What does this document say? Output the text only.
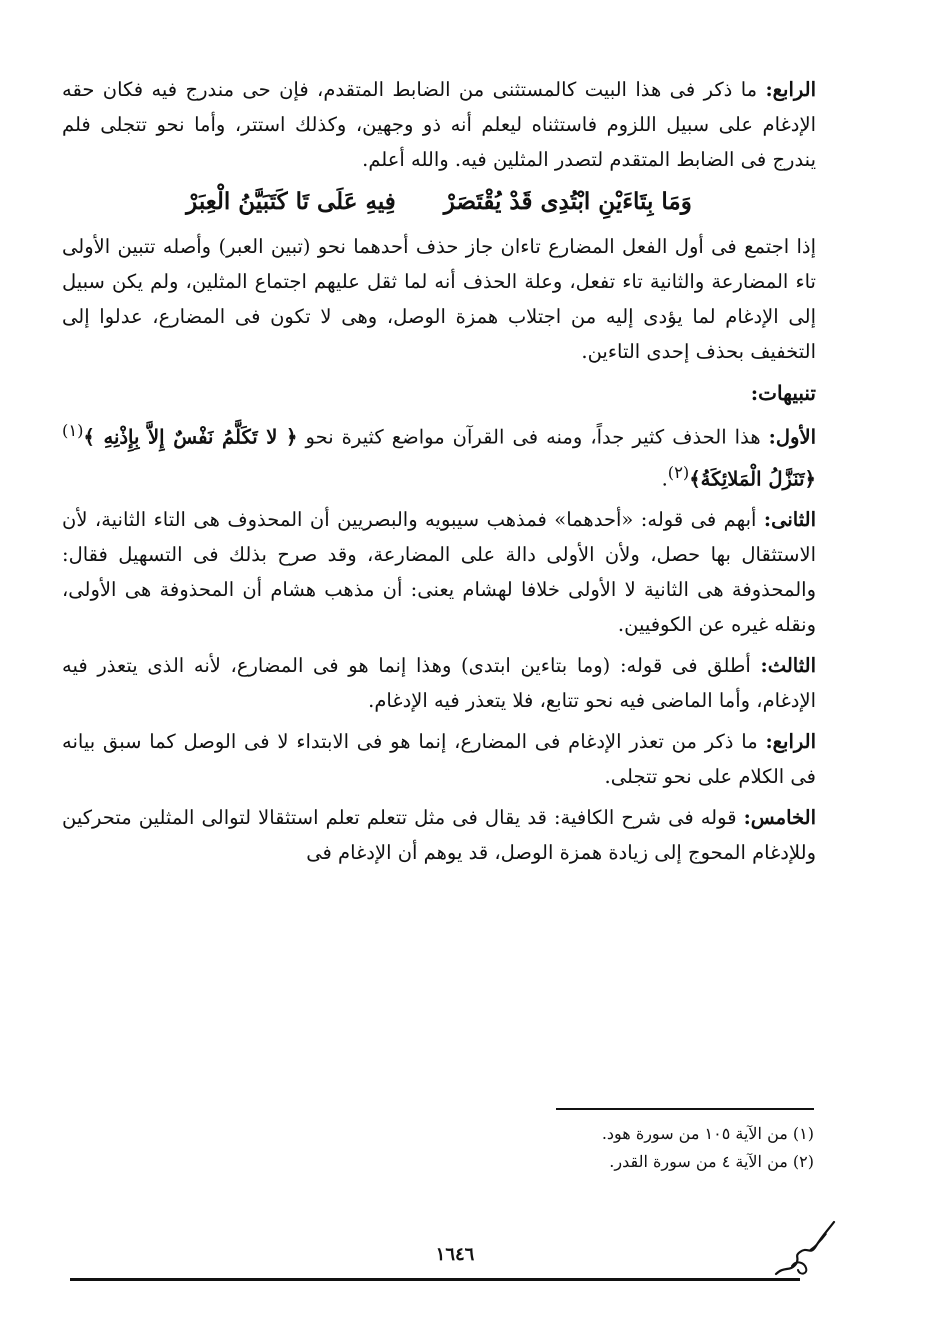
الرابع: ما ذكر فى هذا البيت كالمستثنى من الضابط المتقدم، فإن حى مندرج فيه فكان حقه الإدغام على سبيل اللزوم فاستثناه ليعلم أنه ذو وجهين، وكذلك استتر، وأما نحو تتجلى فلم يندرج فى الضابط المتقدم لتصدر المثلين فيه. والله أعلم.

وَمَا بِتَاءَيْنِ ابْتُدِى قَدْ يُقْتَصَرْ
فِيهِ عَلَى تَا كَتَبَيَّنُ الْعِبَرْ

إذا اجتمع فى أول الفعل المضارع تاءان جاز حذف أحدهما نحو (تبين العبر) وأصله تتبين الأولى تاء المضارعة والثانية تاء تفعل، وعلة الحذف أنه لما ثقل عليهم اجتماع المثلين، ولم يكن سبيل إلى الإدغام لما يؤدى إليه من اجتلاب همزة الوصل، وهى لا تكون فى المضارع، عدلوا إلى التخفيف بحذف إحدى التاءين.

تنبيهات:

الأول: هذا الحذف كثير جداً، ومنه فى القرآن مواضع كثيرة نحو ﴿ لا تَكَلَّمُ نَفْسٌ إِلاَّ بِإِذْنِهِ ﴾$^{(١)}$ ﴿تَنَزَّلُ الْمَلائِكَةُ﴾$^{(٢)}$.

الثانى: أبهم فى قوله: «أحدهما» فمذهب سيبويه والبصريين أن المحذوف هى التاء الثانية، لأن الاستثقال بها حصل، ولأن الأولى دالة على المضارعة، وقد صرح بذلك فى التسهيل فقال: والمحذوفة هى الثانية لا الأولى خلافا لهشام يعنى: أن مذهب هشام أن المحذوفة هى الأولى، ونقله غيره عن الكوفيين.

الثالث: أطلق فى قوله: (وما بتاءين ابتدى) وهذا إنما هو فى المضارع، لأنه الذى يتعذر فيه الإدغام، وأما الماضى فيه نحو تتابع، فلا يتعذر فيه الإدغام.

الرابع: ما ذكر من تعذر الإدغام فى المضارع، إنما هو فى الابتداء لا فى الوصل كما سبق بيانه فى الكلام على نحو تتجلى.

الخامس: قوله فى شرح الكافية: قد يقال فى مثل تتعلم تعلم استثقالا لتوالى المثلين متحركين وللإدغام المحوج إلى زيادة همزة الوصل، قد يوهم أن الإدغام فى

(١) من الآية ١٠٥ من سورة هود.
(٢) من الآية ٤ من سورة القدر.
١٦٤٦
